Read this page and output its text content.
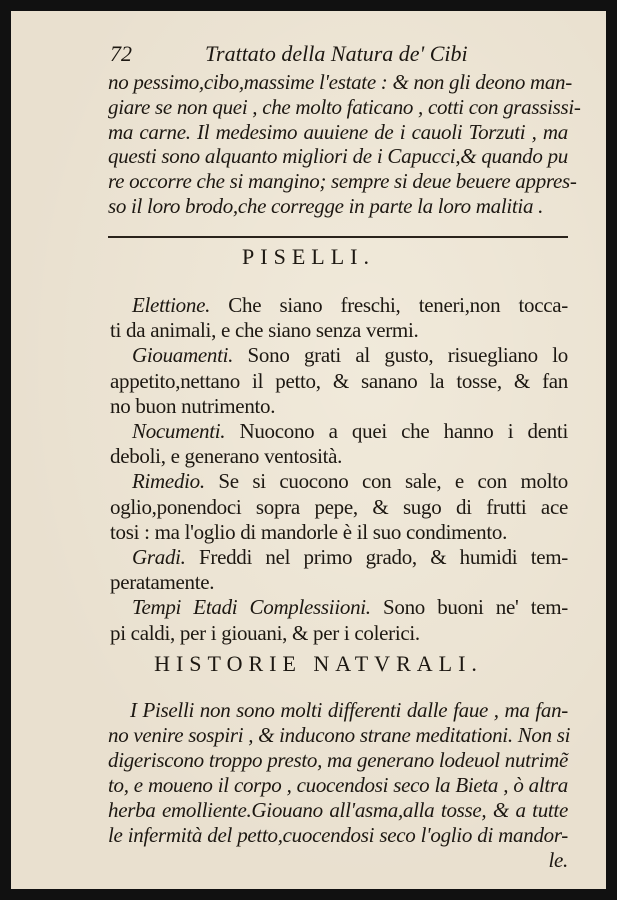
72	Trattato della Natura de' Cibi
no pessimo,cibo,massime l'estate : & non gli deono man-
giare se non quei , che molto faticano , cotti con grassissi-
ma carne. Il medesimo auuiene de i cauoli Torzuti , ma
questi sono alquanto migliori de i Capucci,& quando pu
re occorre che si mangino; sempre si deue beuere appres-
so il loro brodo,che corregge in parte la loro malitia .
PISELLI.
Elettione. Che siano freschi, teneri,non tocca-
ti da animali, e che siano senza vermi.
Giouamenti. Sono grati al gusto, risuegliano lo
appetito,nettano il petto, & sanano la tosse, & fan
no buon nutrimento.
Nocumenti. Nuocono a quei che hanno i denti
deboli, e generano ventosità.
Rimedio. Se si cuocono con sale, e con molto
oglio,ponendoci sopra pepe, & sugo di frutti ace
tosi : ma l'oglio di mandorle è il suo condimento.
Gradi. Freddi nel primo grado, & humidi tem-
peratamente.
Tempi Etadi Complessiioni. Sono buoni ne' tem-
pi caldi, per i giouani, & per i colerici.
HISTORIE NATVRALI.
I Piselli non sono molti differenti dalle faue , ma fan-
no venire sospiri , & inducono strane meditationi. Non si
digeriscono troppo presto, ma generano lodeuol nutrimẽ
to, e moueno il corpo , cuocendosi seco la Bieta , ò altra
herba emolliente.Giouano all'asma,alla tosse, & a tutte
le infermità del petto,cuocendosi seco l'oglio di mandor-
le.
